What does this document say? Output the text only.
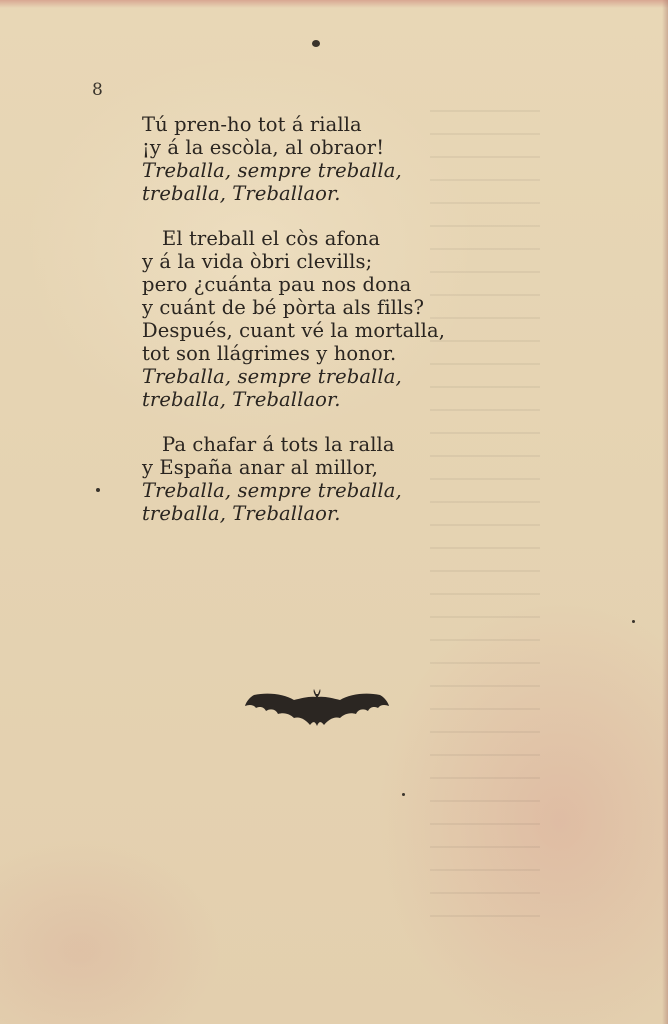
8
Tú pren-ho tot á rialla
¡y á la escòla, al obraor!
Treballa, sempre treballa,
treballa, Treballaor.
El treball el còs afona
y á la vida òbri clevills;
pero ¿cuánta pau nos dona
y cuánt de bé pòrta als fills?
Después, cuant vé la mortalla,
tot son llágrimes y honor.
Treballa, sempre treballa,
treballa, Treballaor.
Pa chafar á tots la ralla
y España anar al millor,
Treballa, sempre treballa,
treballa, Treballaor.
